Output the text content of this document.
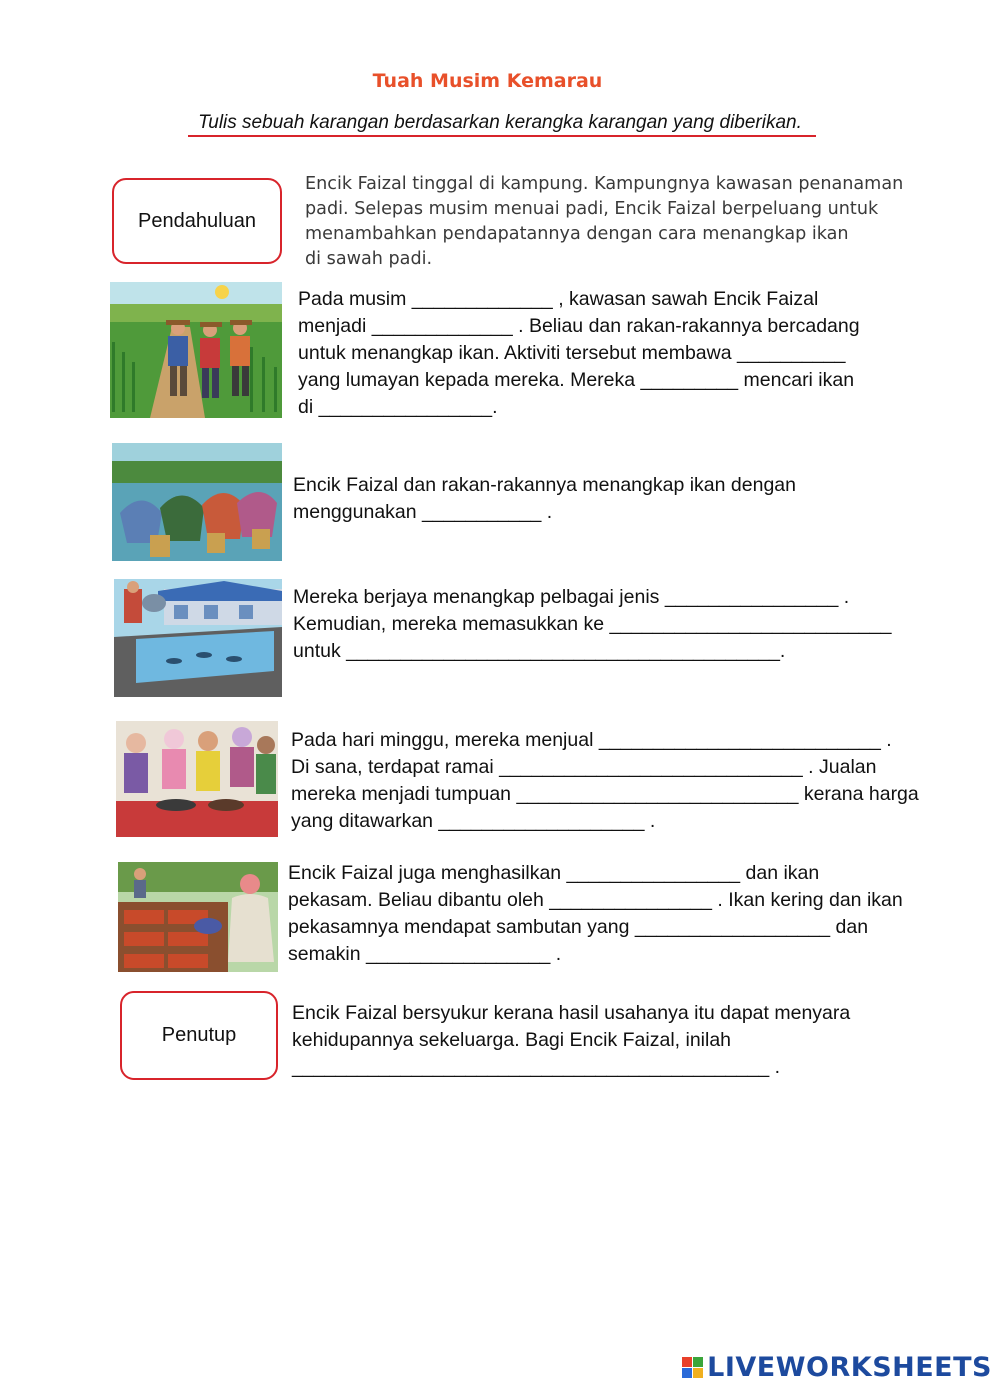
Tuah Musim Kemarau
Tulis sebuah karangan berdasarkan kerangka karangan yang diberikan.
Pendahuluan
Encik Faizal tinggal di kampung. Kampungnya kawasan penanaman
padi. Selepas musim menuai padi, Encik Faizal berpeluang untuk
menambahkan pendapatannya dengan cara menangkap ikan
di sawah padi.
Pada musim _____________ , kawasan sawah Encik Faizal
menjadi _____________ . Beliau dan rakan-rakannya bercadang
untuk menangkap ikan. Aktiviti tersebut membawa __________
yang lumayan kepada mereka. Mereka _________ mencari ikan
di ________________.
Encik Faizal dan rakan-rakannya menangkap ikan dengan
menggunakan ___________ .
Mereka berjaya menangkap pelbagai jenis ________________ .
Kemudian, mereka memasukkan ke __________________________
untuk ________________________________________.
Pada hari minggu, mereka menjual __________________________ .
Di sana, terdapat ramai ____________________________ . Jualan
mereka menjadi tumpuan __________________________ kerana harga
yang ditawarkan ___________________ .
Encik Faizal juga menghasilkan ________________ dan ikan
pekasam. Beliau dibantu oleh _______________ . Ikan kering dan ikan
pekasamnya mendapat sambutan yang __________________ dan
semakin _________________ .
Penutup
Encik Faizal bersyukur kerana hasil usahanya itu dapat menyara
kehidupannya sekeluarga. Bagi Encik Faizal, inilah
____________________________________________ .
LIVEWORKSHEETS
